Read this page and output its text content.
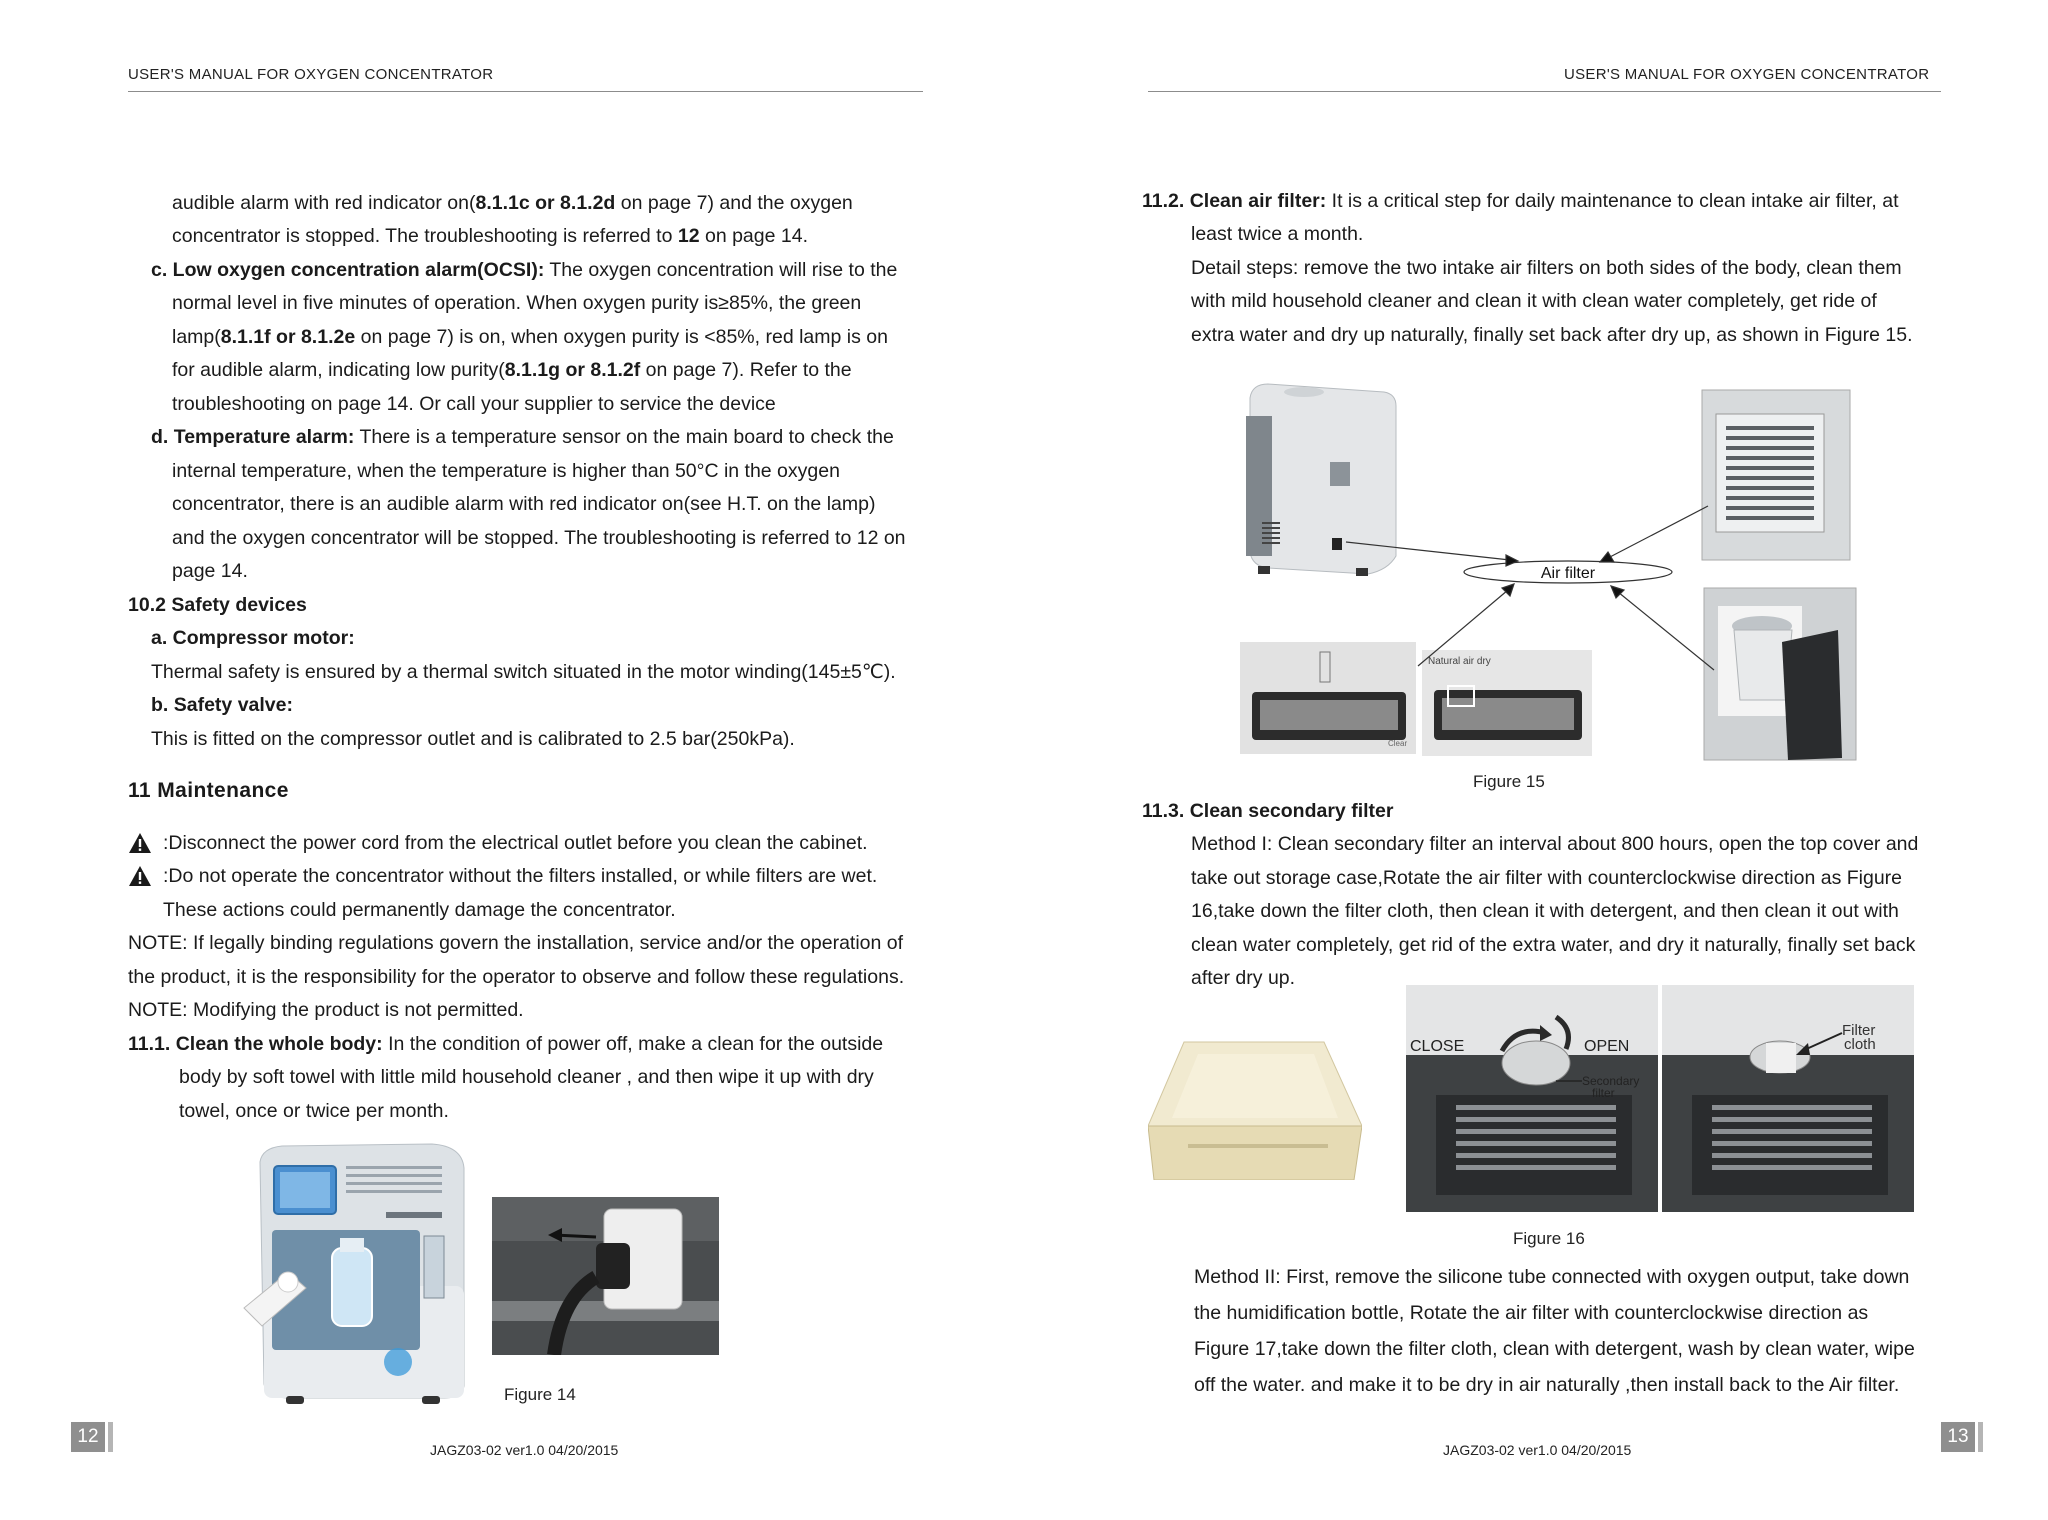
USER'S MANUAL FOR OXYGEN CONCENTRATOR
audible alarm with red indicator on(8.1.1c or 8.1.2d on page 7) and the oxygen
concentrator is stopped. The troubleshooting is referred to 12 on page 14.
c. Low oxygen concentration alarm(OCSI): The oxygen concentration will rise to the
normal level in five minutes of operation. When oxygen purity is≥85%, the green
lamp(8.1.1f or 8.1.2e on page 7) is on, when oxygen purity is <85%, red lamp is on
for audible alarm, indicating low purity(8.1.1g or 8.1.2f on page 7). Refer to the
troubleshooting on page 14. Or call your supplier to service the device
d. Temperature alarm: There is a temperature sensor on the main board to check the
internal temperature, when the temperature is higher than 50°C in the oxygen
concentrator, there is an audible alarm with red indicator on(see H.T. on the lamp)
and the oxygen concentrator will be stopped. The troubleshooting is referred to 12 on
page 14.
10.2 Safety devices
a. Compressor motor:
Thermal safety is ensured by a thermal switch situated in the motor winding(145±5℃).
b. Safety valve:
This is fitted on the compressor outlet and is calibrated to 2.5 bar(250kPa).
11 Maintenance
:Disconnect the power cord from the electrical outlet before you clean the cabinet.
:Do not operate the concentrator without the filters installed, or while filters are wet.
These actions could permanently damage the concentrator.
NOTE: If legally binding regulations govern the installation, service and/or the operation of
the product, it is the responsibility for the operator to observe and follow these regulations.
NOTE: Modifying the product is not permitted.
11.1. Clean the whole body: In the condition of power off, make a clean for the outside
body by soft towel with little mild household cleaner , and then wipe it up with dry
towel, once or twice per month.
Figure 14
JAGZ03-02 ver1.0 04/20/2015
12
USER'S MANUAL FOR OXYGEN CONCENTRATOR
11.2. Clean air filter: It is a critical step for daily maintenance to clean intake air filter, at
least twice a month.
Detail steps: remove the two intake air filters on both sides of the body, clean them
with mild household cleaner and clean it with clean water completely, get ride of
extra water and dry up naturally, finally set back after dry up, as shown in Figure 15.
Clear
Natural air dry
Air filter
Figure 15
11.3. Clean secondary filter
Method I: Clean secondary filter an interval about 800 hours, open the top cover and
take out storage case,Rotate the air filter with counterclockwise direction as Figure
16,take down the filter cloth, then clean it with detergent, and then clean it out with
clean water completely, get rid of the extra water, and dry it naturally, finally set back
after dry up.
CLOSE	OPEN
Secondary
filter
Filter
cloth
Figure 16
Method II: First, remove the silicone tube connected with oxygen output, take down
the humidification bottle, Rotate the air filter with counterclockwise direction as
Figure 17,take down the filter cloth, clean with detergent, wash by clean water, wipe
off the water. and make it to be dry in air naturally ,then install back to the Air filter.
JAGZ03-02 ver1.0 04/20/2015
13
